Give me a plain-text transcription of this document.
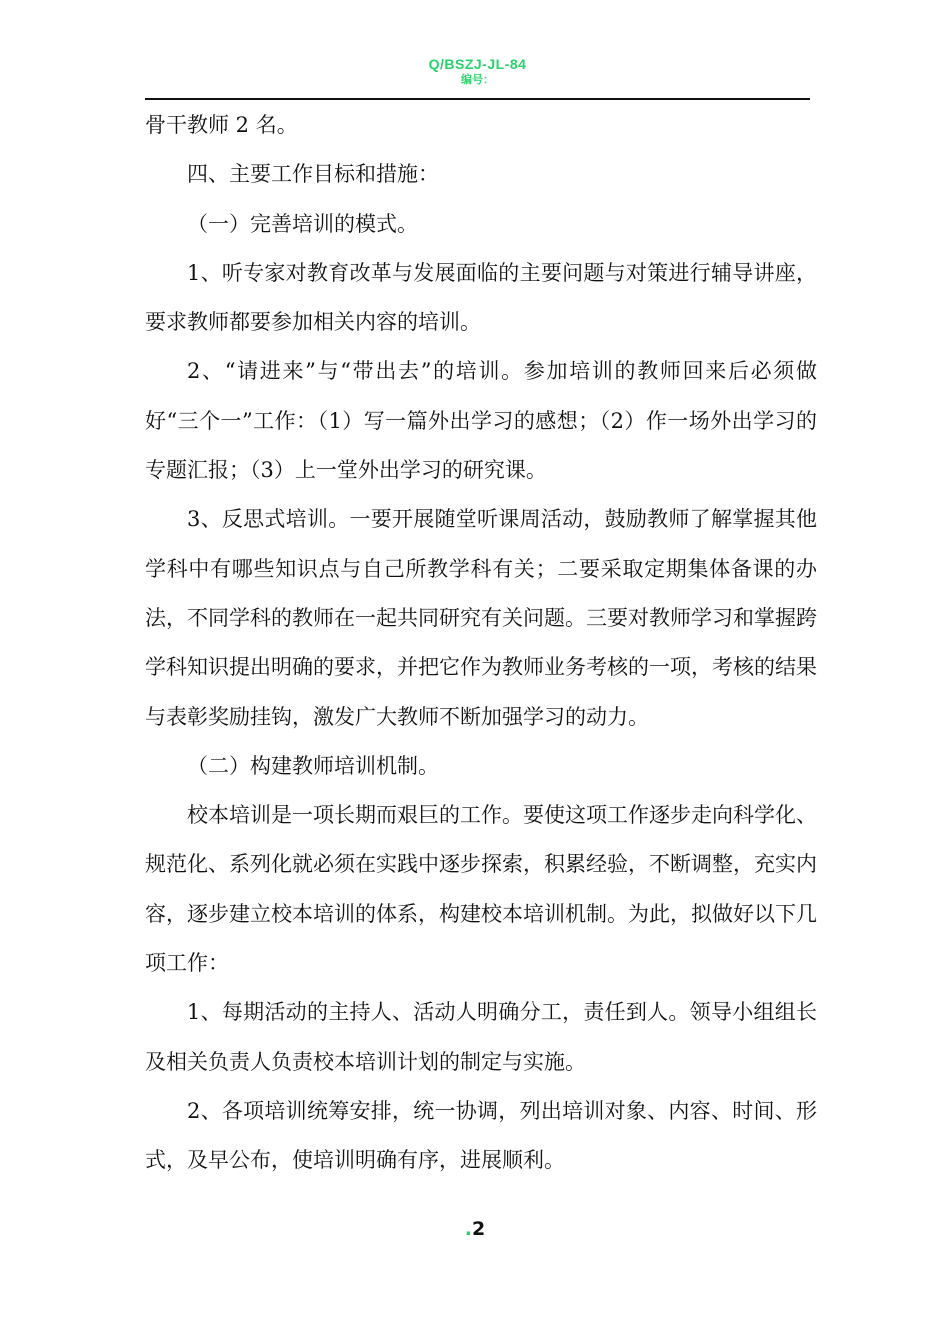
Q/BSZJ-JL-84
编号：

骨干教师 2 名。

四、主要工作目标和措施：

（一）完善培训的模式。

1、听专家对教育改革与发展面临的主要问题与对策进行辅导讲座，要求教师都要参加相关内容的培训。

2、“请进来”与“带出去”的培训。参加培训的教师回来后必须做好“三个一”工作：（1）写一篇外出学习的感想；（2）作一场外出学习的专题汇报；（3）上一堂外出学习的研究课。

3、反思式培训。一要开展随堂听课周活动，鼓励教师了解掌握其他学科中有哪些知识点与自己所教学科有关；二要采取定期集体备课的办法，不同学科的教师在一起共同研究有关问题。三要对教师学习和掌握跨学科知识提出明确的要求，并把它作为教师业务考核的一项，考核的结果与表彰奖励挂钩，激发广大教师不断加强学习的动力。

（二）构建教师培训机制。

校本培训是一项长期而艰巨的工作。要使这项工作逐步走向科学化、规范化、系列化就必须在实践中逐步探索，积累经验，不断调整，充实内容，逐步建立校本培训的体系，构建校本培训机制。为此，拟做好以下几项工作：

1、每期活动的主持人、活动人明确分工，责任到人。领导小组组长及相关负责人负责校本培训计划的制定与实施。

2、各项培训统筹安排，统一协调，列出培训对象、内容、时间、形式，及早公布，使培训明确有序，进展顺利。

.2
